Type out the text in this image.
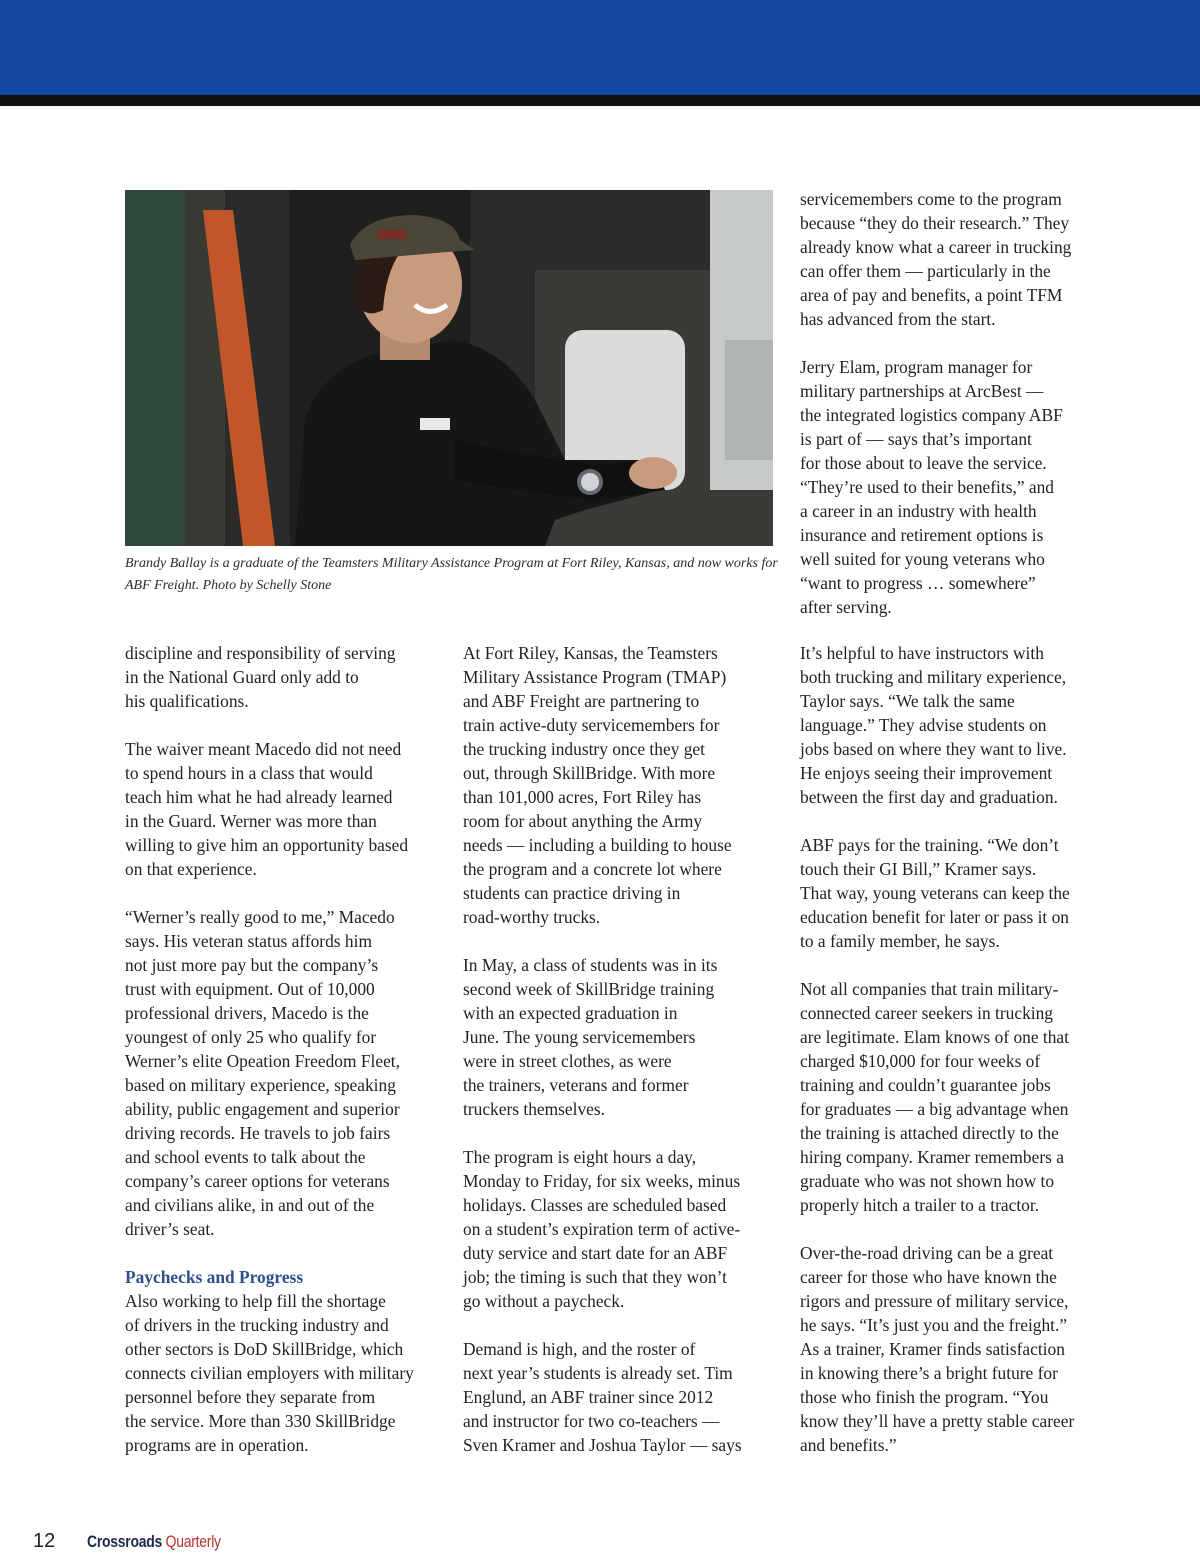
Brandy Ballay is a graduate of the Teamsters Military Assistance Program at Fort Riley, Kansas, and now works for ABF Freight. Photo by Schelly Stone

discipline and responsibility of serving
in the National Guard only add to
his qualifications.

The waiver meant Macedo did not need
to spend hours in a class that would
teach him what he had already learned
in the Guard. Werner was more than
willing to give him an opportunity based
on that experience.

“Werner’s really good to me,” Macedo
says. His veteran status affords him
not just more pay but the company’s
trust with equipment. Out of 10,000
professional drivers, Macedo is the
youngest of only 25 who qualify for
Werner’s elite Opeation Freedom Fleet,
based on military experience, speaking
ability, public engagement and superior
driving records. He travels to job fairs
and school events to talk about the
company’s career options for veterans
and civilians alike, in and out of the
driver’s seat.

Paychecks and Progress
Also working to help fill the shortage
of drivers in the trucking industry and
other sectors is DoD SkillBridge, which
connects civilian employers with military
personnel before they separate from
the service. More than 330 SkillBridge
programs are in operation.

At Fort Riley, Kansas, the Teamsters
Military Assistance Program (TMAP)
and ABF Freight are partnering to
train active-duty servicemembers for
the trucking industry once they get
out, through SkillBridge. With more
than 101,000 acres, Fort Riley has
room for about anything the Army
needs — including a building to house
the program and a concrete lot where
students can practice driving in
road-worthy trucks.

In May, a class of students was in its
second week of SkillBridge training
with an expected graduation in
June. The young servicemembers
were in street clothes, as were
the trainers, veterans and former
truckers themselves.

The program is eight hours a day,
Monday to Friday, for six weeks, minus
holidays. Classes are scheduled based
on a student’s expiration term of active-
duty service and start date for an ABF
job; the timing is such that they won’t
go without a paycheck.

Demand is high, and the roster of
next year’s students is already set. Tim
Englund, an ABF trainer since 2012
and instructor for two co-teachers —
Sven Kramer and Joshua Taylor — says

servicemembers come to the program
because “they do their research.” They
already know what a career in trucking
can offer them — particularly in the
area of pay and benefits, a point TFM
has advanced from the start.

Jerry Elam, program manager for
military partnerships at ArcBest —
the integrated logistics company ABF
is part of — says that’s important
for those about to leave the service.
“They’re used to their benefits,” and
a career in an industry with health
insurance and retirement options is
well suited for young veterans who
“want to progress … somewhere”
after serving.

It’s helpful to have instructors with
both trucking and military experience,
Taylor says. “We talk the same
language.” They advise students on
jobs based on where they want to live.
He enjoys seeing their improvement
between the first day and graduation.

ABF pays for the training. “We don’t
touch their GI Bill,” Kramer says.
That way, young veterans can keep the
education benefit for later or pass it on
to a family member, he says.

Not all companies that train military-
connected career seekers in trucking
are legitimate. Elam knows of one that
charged $10,000 for four weeks of
training and couldn’t guarantee jobs
for graduates — a big advantage when
the training is attached directly to the
hiring company. Kramer remembers a
graduate who was not shown how to
properly hitch a trailer to a tractor.

Over-the-road driving can be a great
career for those who have known the
rigors and pressure of military service,
he says. “It’s just you and the freight.”
As a trainer, Kramer finds satisfaction
in knowing there’s a bright future for
those who finish the program. “You
know they’ll have a pretty stable career
and benefits.”

12 Crossroads Quarterly
